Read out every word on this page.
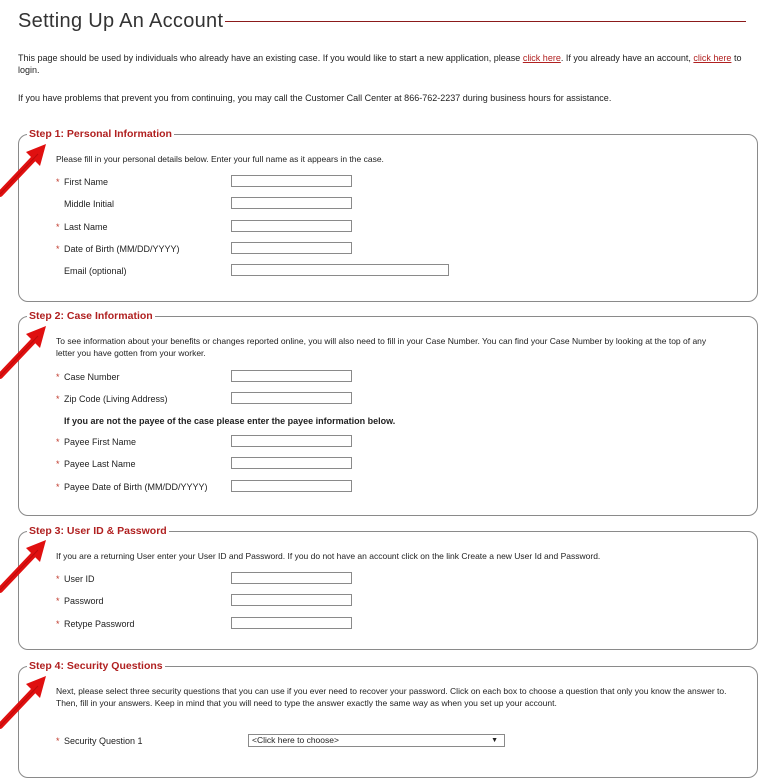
Setting Up An Account
This page should be used by individuals who already have an existing case. If you would like to start a new application, please click here. If you already have an account, click here to login.
If you have problems that prevent you from continuing, you may call the Customer Call Center at 866-762-2237 during business hours for assistance.
Step 1: Personal Information
Please fill in your personal details below. Enter your full name as it appears in the case.
* First Name
Middle Initial
* Last Name
* Date of Birth (MM/DD/YYYY)
Email (optional)
Step 2: Case Information
To see information about your benefits or changes reported online, you will also need to fill in your Case Number. You can find your Case Number by looking at the top of any letter you have gotten from your worker.
* Case Number
* Zip Code (Living Address)
If you are not the payee of the case please enter the payee information below.
* Payee First Name
* Payee Last Name
* Payee Date of Birth (MM/DD/YYYY)
Step 3: User ID & Password
If you are a returning User enter your User ID and Password. If you do not have an account click on the link Create a new User Id and Password.
* User ID
* Password
* Retype Password
Step 4: Security Questions
Next, please select three security questions that you can use if you ever need to recover your password. Click on each box to choose a question that only you know the answer to. Then, fill in your answers. Keep in mind that you will need to type the answer exactly the same way as when you set up your account.
* Security Question 1	<Click here to choose>	▼
